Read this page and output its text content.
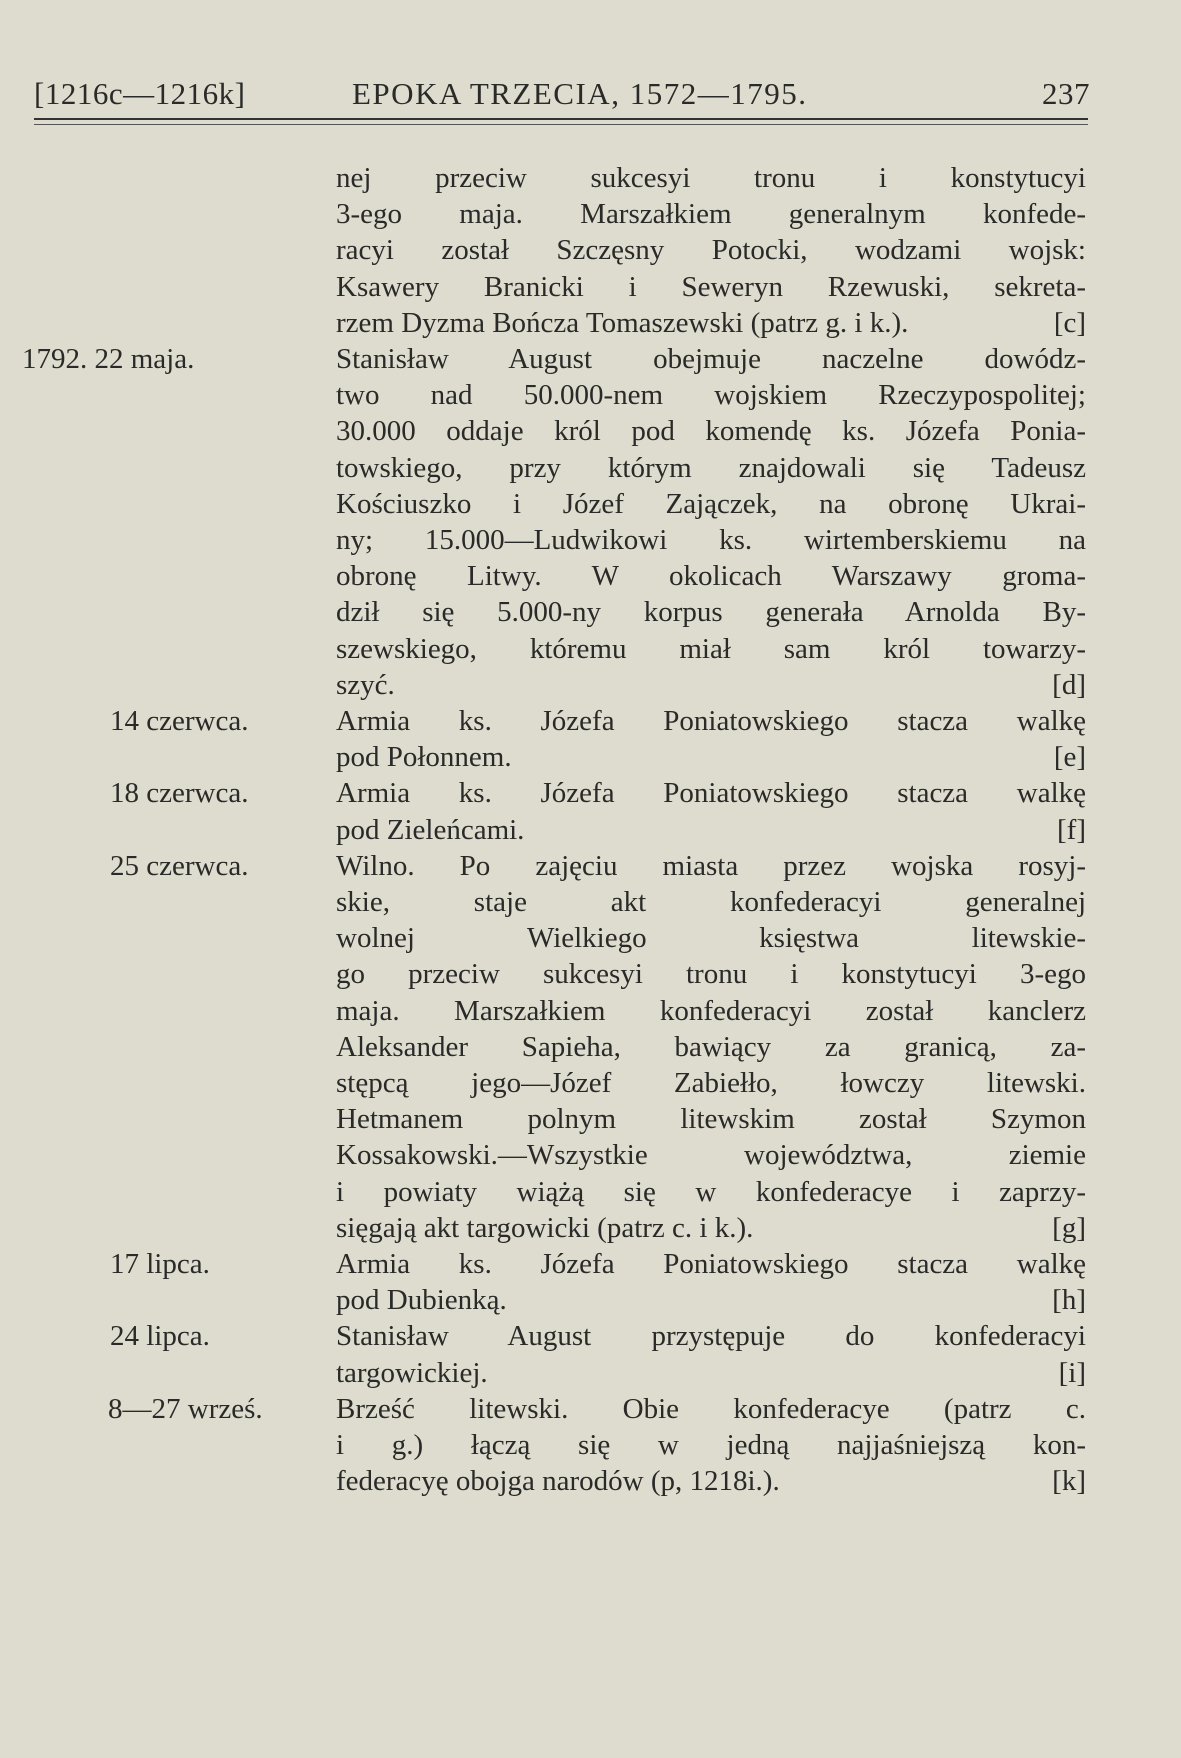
[1216c—1216k]	EPOKA TRZECIA, 1572—1795.	237
nej przeciw sukcesyi tronu i konstytucyi
3-ego maja. Marszałkiem generalnym konfede-
racyi został Szczęsny Potocki, wodzami wojsk:
Ksawery Branicki i Seweryn Rzewuski, sekreta-
rzem Dyzma Bończa Tomaszewski (patrz g. i k.).	[c]
1792. 22 maja.	Stanisław August obejmuje naczelne dowódz-
two nad 50.000-nem wojskiem Rzeczypospolitej;
30.000 oddaje król pod komendę ks. Józefa Ponia-
towskiego, przy którym znajdowali się Tadeusz
Kościuszko i Józef Zajączek, na obronę Ukrai-
ny; 15.000—Ludwikowi ks. wirtemberskiemu na
obronę Litwy. W okolicach Warszawy groma-
dził się 5.000-ny korpus generała Arnolda By-
szewskiego, któremu miał sam król towarzy-
szyć.	[d]
14 czerwca.	Armia ks. Józefa Poniatowskiego stacza walkę
pod Połonnem.	[e]
18 czerwca.	Armia ks. Józefa Poniatowskiego stacza walkę
pod Zieleńcami.	[f]
25 czerwca.	Wilno. Po zajęciu miasta przez wojska rosyj-
skie, staje akt konfederacyi generalnej
wolnej Wielkiego księstwa litewskie-
go przeciw sukcesyi tronu i konstytucyi 3-ego
maja. Marszałkiem konfederacyi został kanclerz
Aleksander Sapieha, bawiący za granicą, za-
stępcą jego—Józef Zabiełło, łowczy litewski.
Hetmanem polnym litewskim został Szymon
Kossakowski.—Wszystkie województwa, ziemie
i powiaty wiążą się w konfederacye i zaprzy-
sięgają akt targowicki (patrz c. i k.).	[g]
17 lipca.	Armia ks. Józefa Poniatowskiego stacza walkę
pod Dubienką.	[h]
24 lipca.	Stanisław August przystępuje do konfederacyi
targowickiej.	[i]
8—27 wrześ.	Brześć litewski. Obie konfederacye (patrz c.
i g.) łączą się w jedną najjaśniejszą kon-
federacyę obojga narodów (p, 1218i.).	[k]
